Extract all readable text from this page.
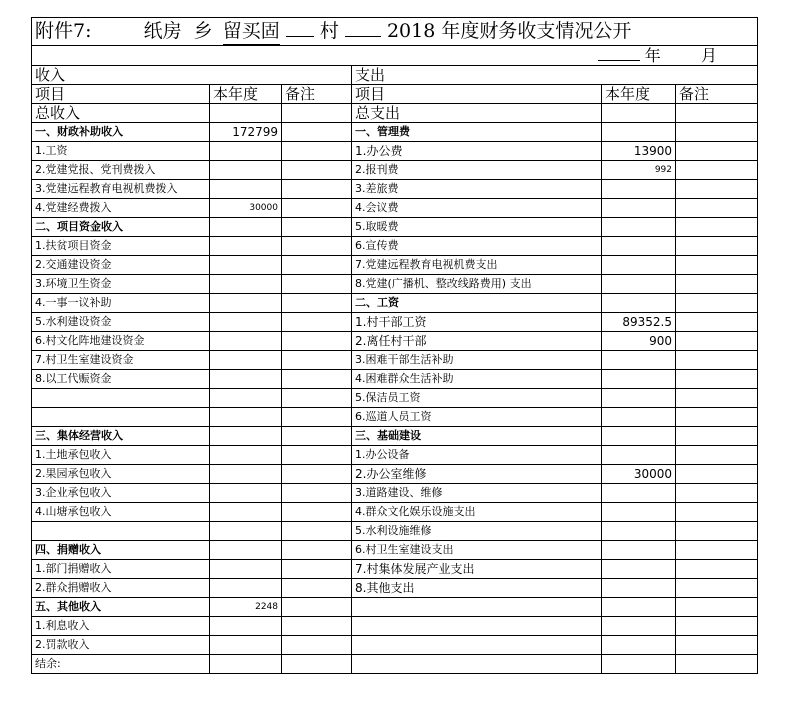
附件7: 纸房 乡 留买固 村 2018 年度财务收支情况公开					
年 月					
收入			支出		
项目	本年度	备注	项目	本年度	备注
总收入			总支出		
一、财政补助收入	172799		一、管理费		
1.工资			1.办公费	13900	
2.党建党报、党刊费拨入			2.报刊费	992	
3.党建远程教育电视机费拨入			3.差旅费		
4.党建经费拨入	30000		4.会议费		
二、项目资金收入			5.取暖费		
1.扶贫项目资金			6.宣传费		
2.交通建设资金			7.党建远程教育电视机费支出		
3.环境卫生资金			8.党建(广播机、整改线路费用) 支出		
4.一事一议补助			二、工资		
5.水利建设资金			1.村干部工资	89352.5	
6.村文化阵地建设资金			2.离任村干部	900	
7.村卫生室建设资金			3.困难干部生活补助		
8.以工代赈资金			4.困难群众生活补助		
			5.保洁员工资		
			6.巡道人员工资		
三、集体经营收入			三、基础建设		
1.土地承包收入			1.办公设备		
2.果园承包收入			2.办公室维修	30000	
3.企业承包收入			3.道路建设、维修		
4.山塘承包收入			4.群众文化娱乐设施支出		
			5.水利设施维修		
四、捐赠收入			6.村卫生室建设支出		
1.部门捐赠收入			7.村集体发展产业支出		
2.群众捐赠收入			8.其他支出		
五、其他收入	2248				
1.利息收入					
2.罚款收入					
结余:					
